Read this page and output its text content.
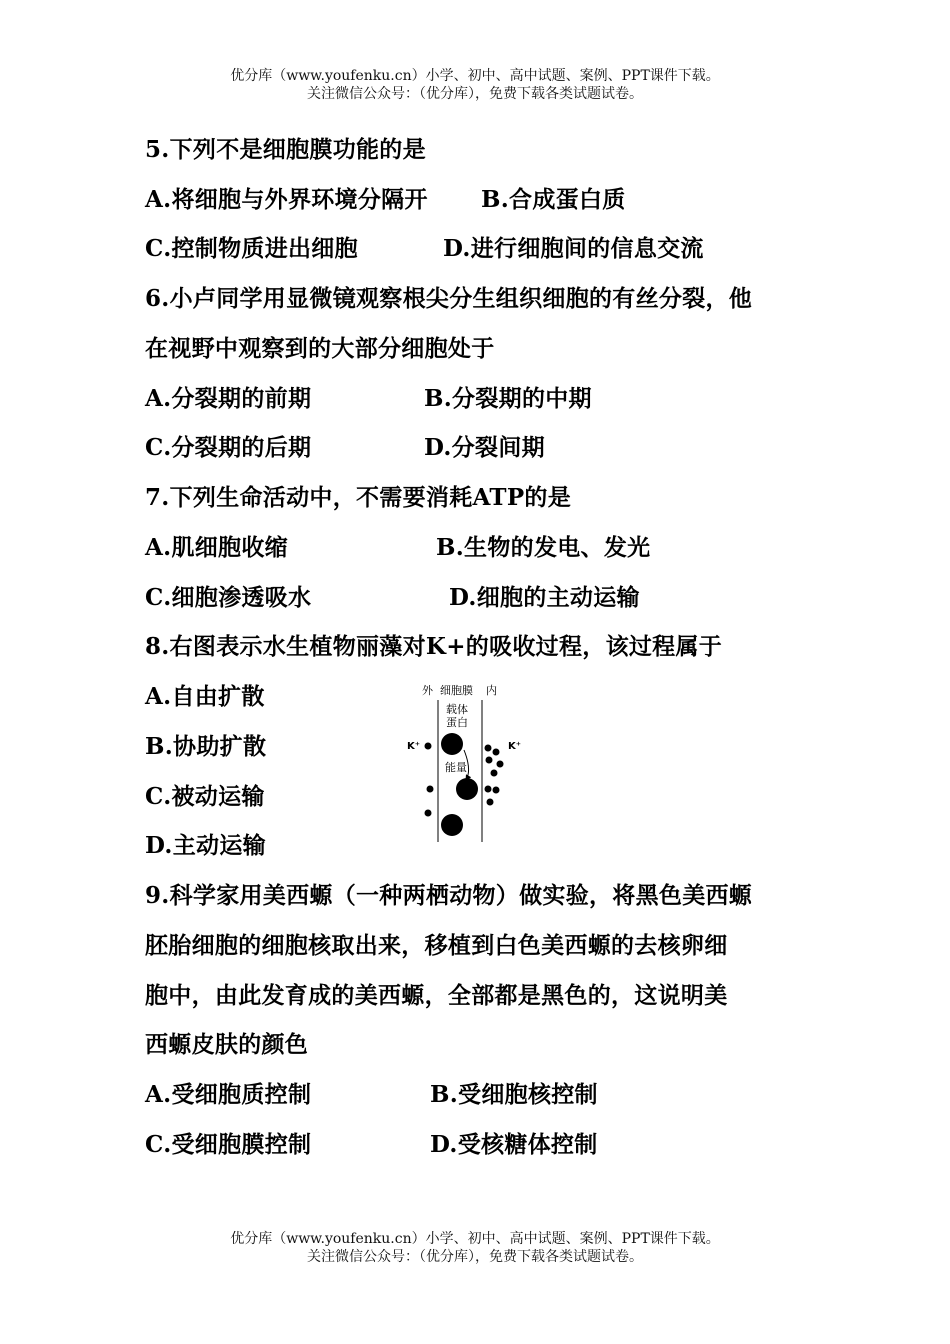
优分库（www.youfenku.cn）小学、初中、高中试题、案例、PPT课件下载。
关注微信公众号：（优分库），免费下载各类试题试卷。
5.下列不是细胞膜功能的是
A.将细胞与外界环境分隔开 B.合成蛋白质
C.控制物质进出细胞	D.进行细胞间的信息交流
6.小卢同学用显微镜观察根尖分生组织细胞的有丝分裂，他
在视野中观察到的大部分细胞处于
A.分裂期的前期	B.分裂期的中期
C.分裂期的后期	D.分裂间期
7.下列生命活动中，不需要消耗ATP的是
A.肌细胞收缩	B.生物的发电、发光
C.细胞渗透吸水	D.细胞的主动运输
8.右图表示水生植物丽藻对K+的吸收过程，该过程属于
A.自由扩散
B.协助扩散
C.被动运输
D.主动运输
外 细胞膜 内
载体
蛋白
K⁺	K⁺
能量
9.科学家用美西螈（一种两栖动物）做实验，将黑色美西螈
胚胎细胞的细胞核取出来，移植到白色美西螈的去核卵细
胞中，由此发育成的美西螈，全部都是黑色的，这说明美
西螈皮肤的颜色
A.受细胞质控制	B.受细胞核控制
C.受细胞膜控制	D.受核糖体控制
优分库（www.youfenku.cn）小学、初中、高中试题、案例、PPT课件下载。
关注微信公众号：（优分库），免费下载各类试题试卷。
